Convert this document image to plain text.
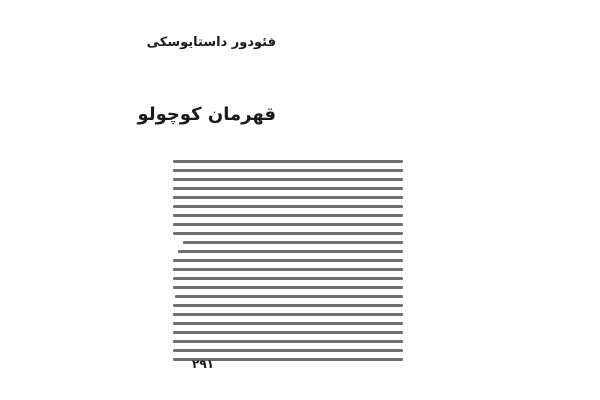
فئودور داستایوسکی
قهرمان کوچولو
۲۹۱
